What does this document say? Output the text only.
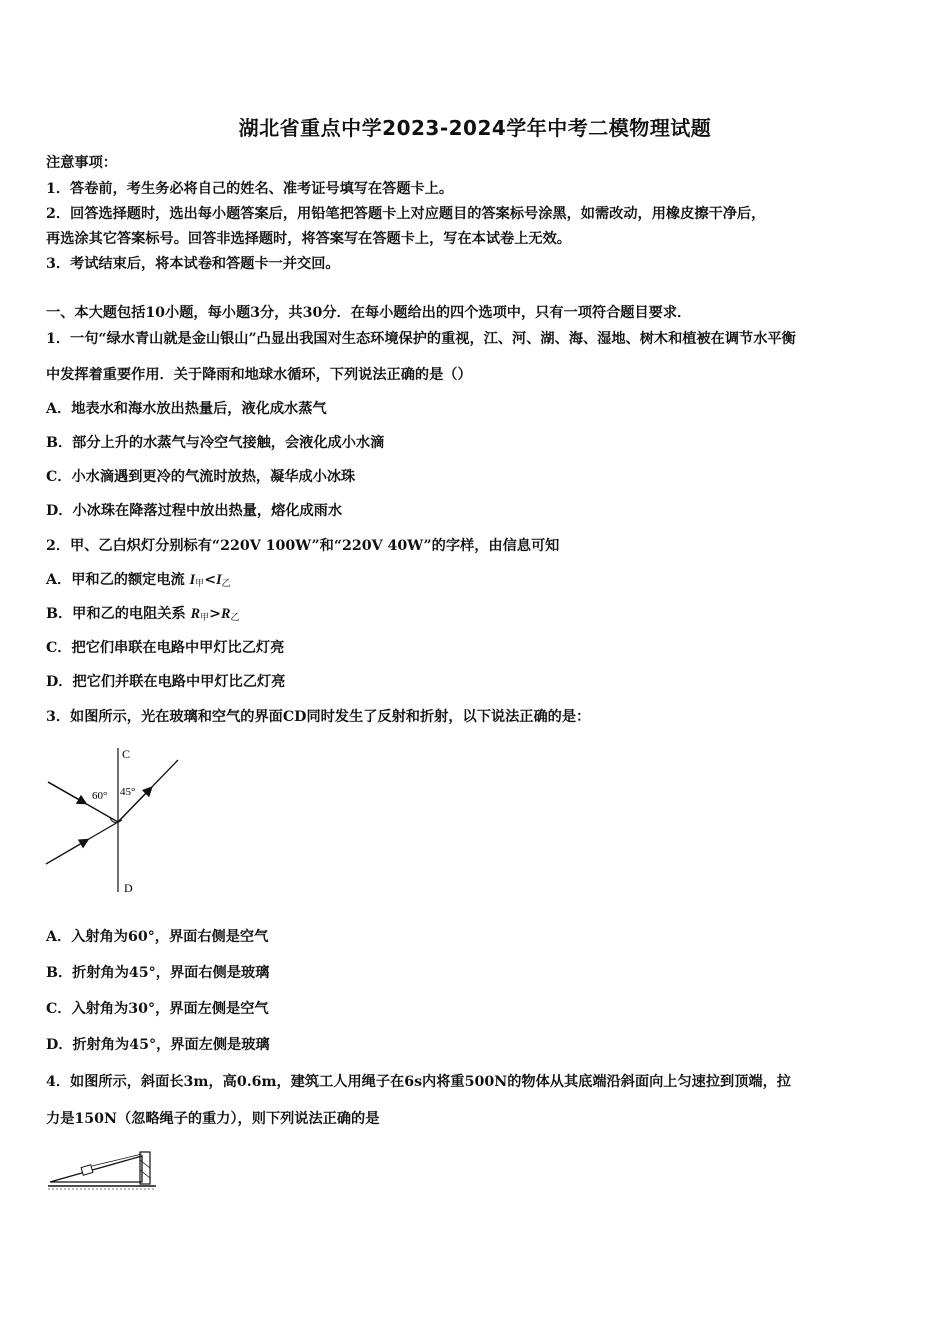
湖北省重点中学2023-2024学年中考二模物理试题
注意事项：
1．答卷前，考生务必将自己的姓名、准考证号填写在答题卡上。
2．回答选择题时，选出每小题答案后，用铅笔把答题卡上对应题目的答案标号涂黑，如需改动，用橡皮擦干净后，
再选涂其它答案标号。回答非选择题时，将答案写在答题卡上，写在本试卷上无效。
3．考试结束后，将本试卷和答题卡一并交回。
一、本大题包括10小题，每小题3分，共30分．在每小题给出的四个选项中，只有一项符合题目要求．
1．一句“绿水青山就是金山银山”凸显出我国对生态环境保护的重视，江、河、湖、海、湿地、树木和植被在调节水平衡
中发挥着重要作用．关于降雨和地球水循环，下列说法正确的是（）
A．地表水和海水放出热量后，液化成水蒸气
B．部分上升的水蒸气与冷空气接触，会液化成小水滴
C．小水滴遇到更冷的气流时放热，凝华成小冰珠
D．小冰珠在降落过程中放出热量，熔化成雨水
2．甲、乙白炽灯分别标有“220V 100W”和“220V 40W”的字样，由信息可知
A．甲和乙的额定电流 I甲<I乙
B．甲和乙的电阻关系 R甲>R乙
C．把它们串联在电路中甲灯比乙灯亮
D．把它们并联在电路中甲灯比乙灯亮
3．如图所示，光在玻璃和空气的界面CD同时发生了反射和折射，以下说法正确的是：
C
D
60° 45°
A．入射角为60°，界面右侧是空气
B．折射角为45°，界面右侧是玻璃
C．入射角为30°，界面左侧是空气
D．折射角为45°，界面左侧是玻璃
4．如图所示，斜面长3m，高0.6m，建筑工人用绳子在6s内将重500N的物体从其底端沿斜面向上匀速拉到顶端，拉
力是150N（忽略绳子的重力），则下列说法正确的是
